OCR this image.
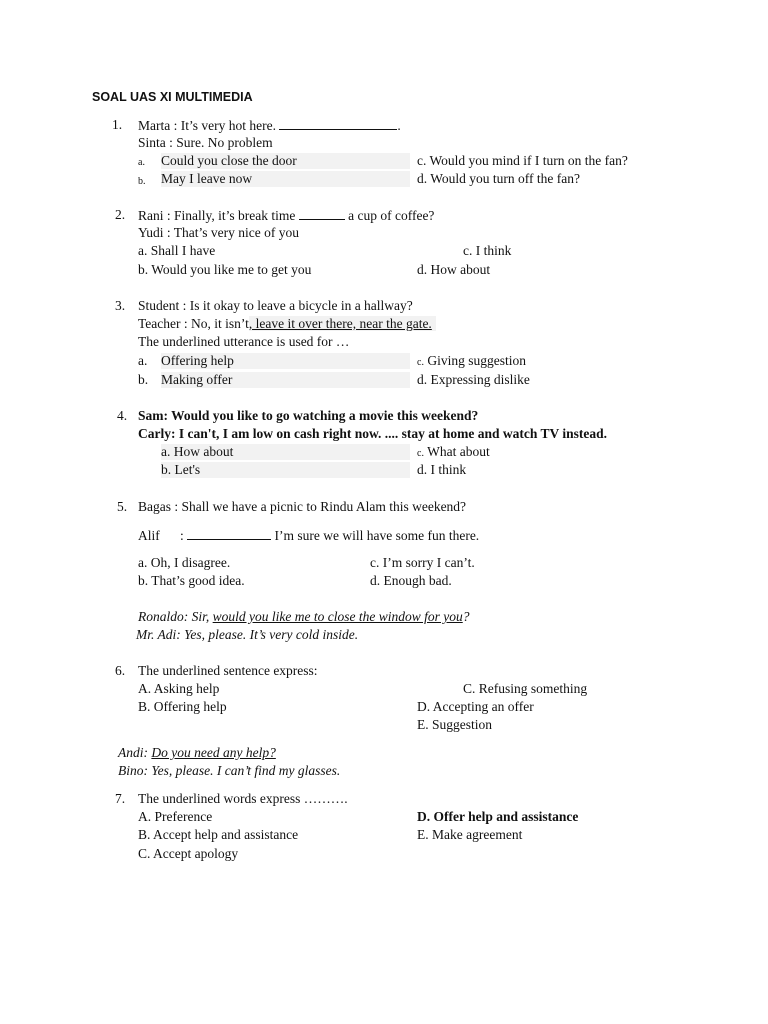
SOAL UAS XI MULTIMEDIA
1. Marta : It’s very hot here.	.
Sinta : Sure. No problem
a. Could you close the door
b. May I leave now
c. Would you mind if I turn on the fan?
d. Would you turn off the fan?
2. Rani : Finally, it’s break time	a cup of coffee?
Yudi : That’s very nice of you
a. Shall I have
b. Would you like me to get you
c. I think
d. How about
3. Student : Is it okay to leave a bicycle in a hallway?
Teacher : No, it isn’t, leave it over there, near the gate.
The underlined utterance is used for …
a. Offering help
b. Making offer
c. Giving suggestion
d. Expressing dislike
4. Sam: Would you like to go watching a movie this weekend?
Carly: I can't, I am low on cash right now. .... stay at home and watch TV instead.
a. How about
b. Let's
c. What about
d. I think
5. Bagas : Shall we have a picnic to Rindu Alam this weekend?
Alif      :	I’m sure we will have some fun there.
a. Oh, I disagree.
b. That’s good idea.
c. I’m sorry I can’t.
d. Enough bad.
Ronaldo: Sir, would you like me to close the window for you?
Mr. Adi: Yes, please. It’s very cold inside.
6. The underlined sentence express:
A. Asking help
B. Offering help
C. Refusing something
D. Accepting an offer
E. Suggestion
Andi: Do you need any help?
Bino: Yes, please. I can’t find my glasses.
7. The underlined words express ……….
A. Preference
B. Accept help and assistance
C. Accept apology
D. Offer help and assistance
E. Make agreement
